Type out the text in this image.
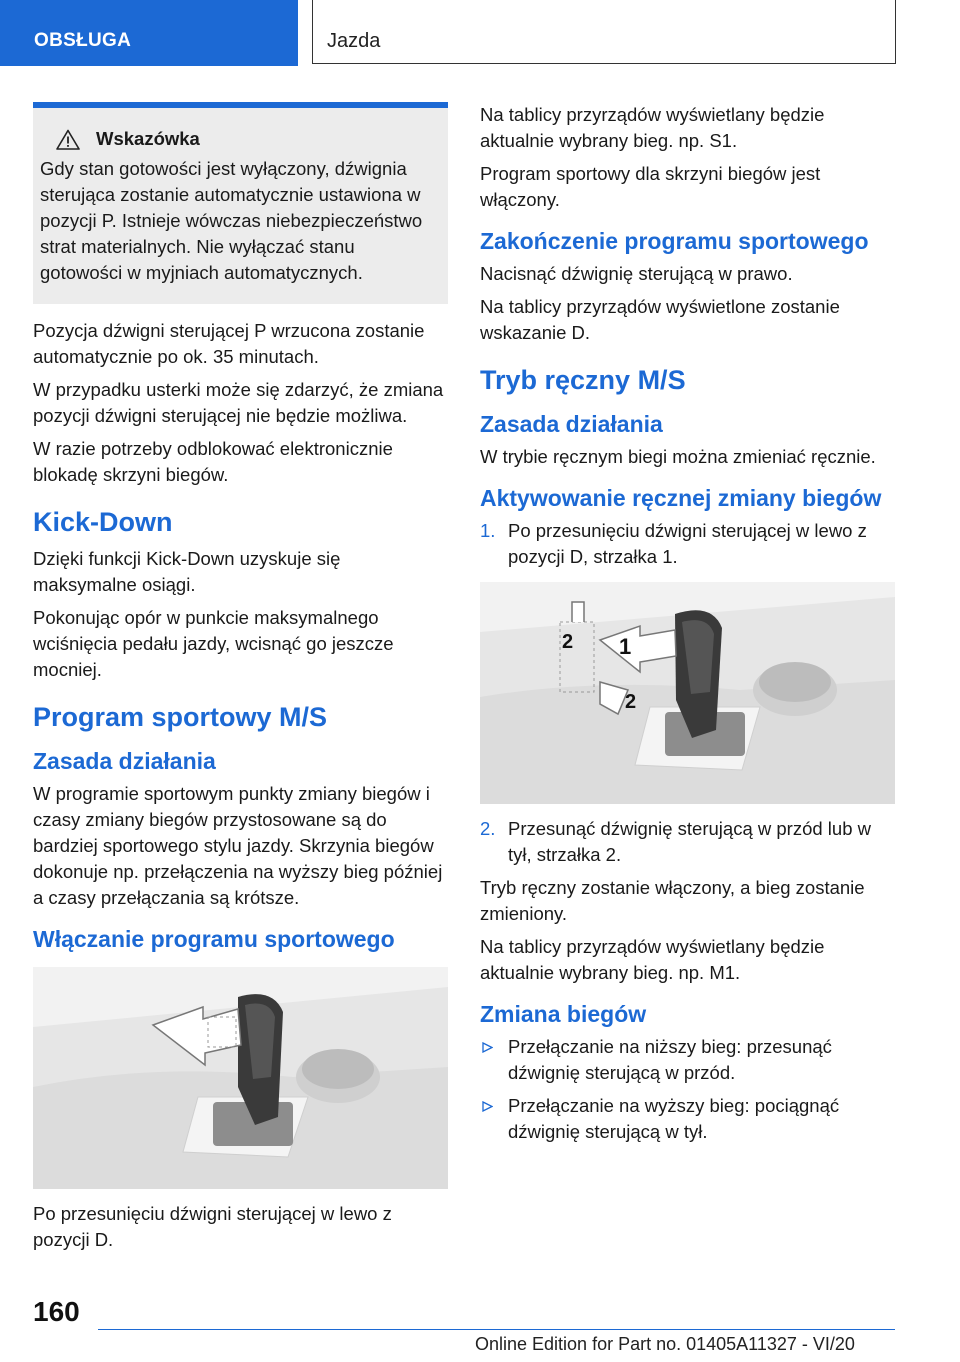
OBSŁUGA	Jazda
Wskazówka

Gdy stan gotowości jest wyłączony, dźwignia sterująca zostanie automatycznie ustawiona w pozycji P. Istnieje wówczas niebezpieczeństwo strat materialnych. Nie wyłączać stanu gotowości w myjniach automatycznych.

Pozycja dźwigni sterującej P wrzucona zostanie automatycznie po ok. 35 minutach.

W przypadku usterki może się zdarzyć, że zmiana pozycji dźwigni sterującej nie będzie możliwa.

W razie potrzeby odblokować elektronicznie blokadę skrzyni biegów.

Kick-Down

Dzięki funkcji Kick-Down uzyskuje się maksymalne osiągi.

Pokonując opór w punkcie maksymalnego wciśnięcia pedału jazdy, wcisnąć go jeszcze mocniej.

Program sportowy M/S
Zasada działania

W programie sportowym punkty zmiany biegów i czasy zmiany biegów przystosowane są do bardziej sportowego stylu jazdy. Skrzynia biegów dokonuje np. przełączenia na wyższy bieg później a czasy przełączania są krótsze.

Włączanie programu sportowego

Po przesunięciu dźwigni sterującej w lewo z pozycji D.

Na tablicy przyrządów wyświetlany będzie aktualnie wybrany bieg. np. S1.

Program sportowy dla skrzyni biegów jest włączony.

Zakończenie programu sportowego

Nacisnąć dźwignię sterującą w prawo.

Na tablicy przyrządów wyświetlone zostanie wskazanie D.

Tryb ręczny M/S
Zasada działania

W trybie ręcznym biegi można zmieniać ręcznie.

Aktywowanie ręcznej zmiany biegów
1. Po przesunięciu dźwigni sterującej w lewo z pozycji D, strzałka 1.
1
2
2
2. Przesunąć dźwignię sterującą w przód lub w tył, strzałka 2.

Tryb ręczny zostanie włączony, a bieg zostanie zmieniony.

Na tablicy przyrządów wyświetlany będzie aktualnie wybrany bieg. np. M1.

Zmiana biegów
Przełączanie na niższy bieg: przesunąć dźwignię sterującą w przód.
Przełączanie na wyższy bieg: pociągnąć dźwignię sterującą w tył.
160
Online Edition for Part no. 01405A11327 - VI/20
